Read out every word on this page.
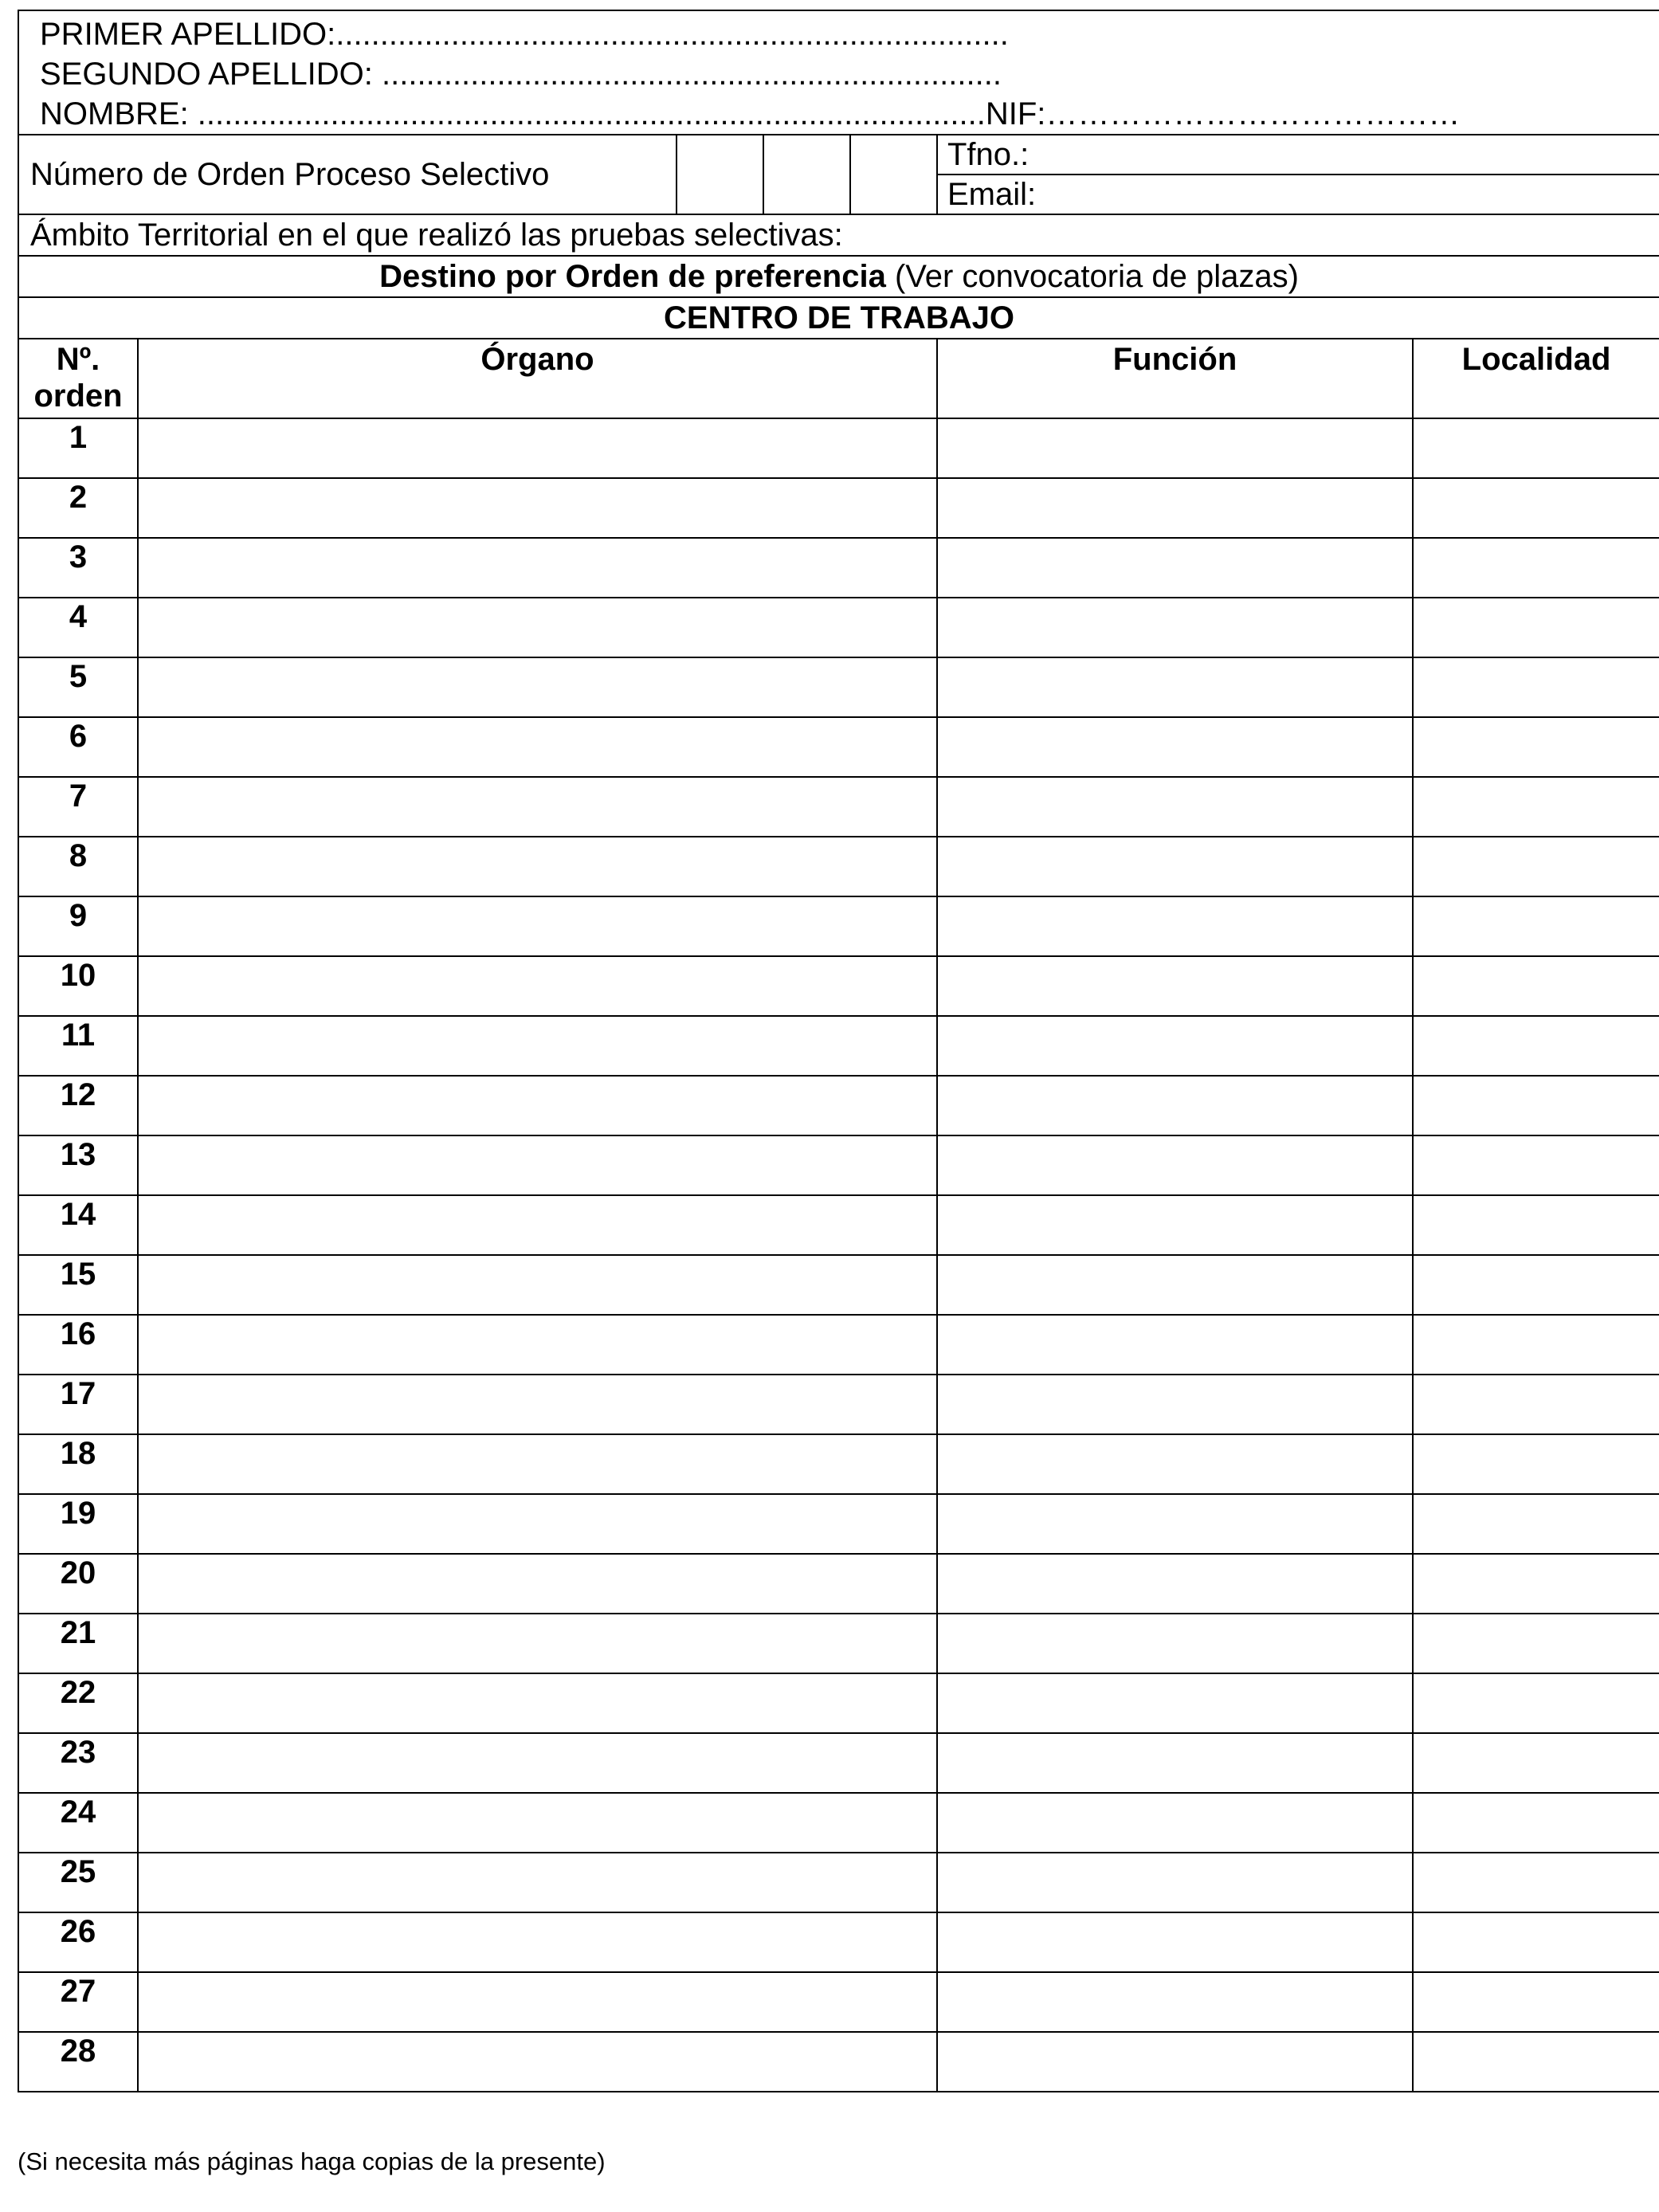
PRIMER APELLIDO:............................................................................
SEGUNDO APELLIDO: ......................................................................
NOMBRE: .........................................................................................NIF:…………………………………							

Número de Orden Proceso Selectivo					Tfno.:		
					Email:		
Ámbito Territorial en el que realizó las pruebas selectivas:							
Destino por Orden de preferencia (Ver convocatoria de plazas)							
CENTRO DE TRABAJO							

Nº.
orden	Órgano				Función	Localidad	
1							
2							
3							
4							
5							
6							
7							
8							
9							
10							
11							
12							
13							
14							
15							
16							
17							
18							
19							
20							
21							
22							
23							
24							
25							
26							
27							
28							
(Si necesita más páginas haga copias de la presente)
